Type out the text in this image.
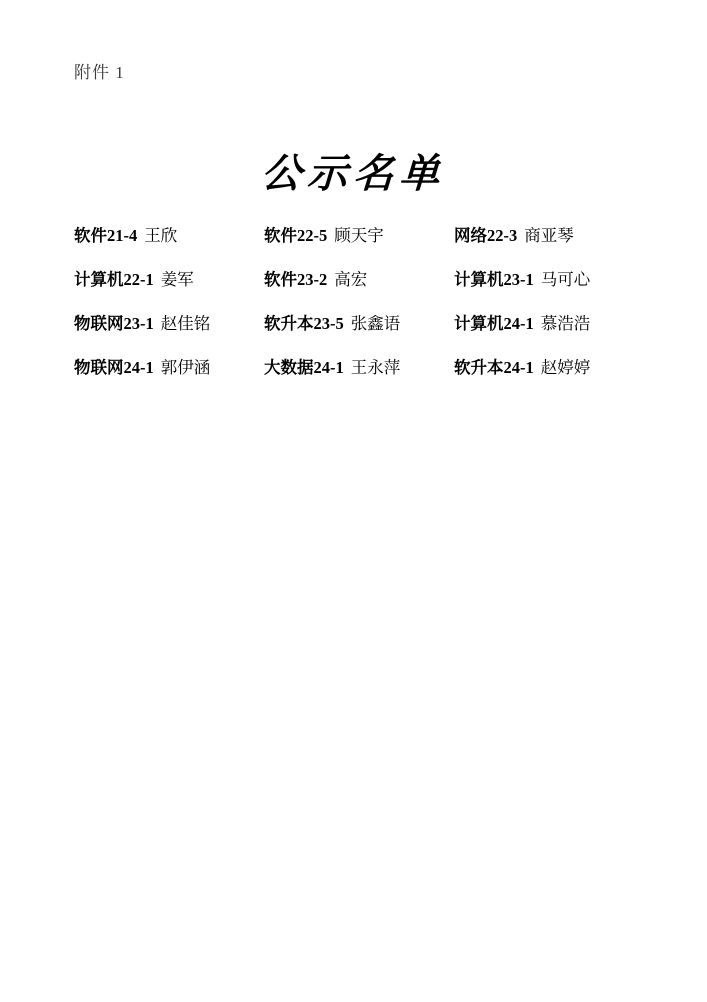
附件 1
公示名单
软件21-4 王欣	软件22-5 顾天宇	网络22-3 商亚琴
计算机22-1 姜军	软件23-2 高宏	计算机23-1 马可心
物联网23-1 赵佳铭	软升本23-5 张鑫语	计算机24-1 慕浩浩
物联网24-1 郭伊涵	大数据24-1 王永萍	软升本24-1 赵婷婷
